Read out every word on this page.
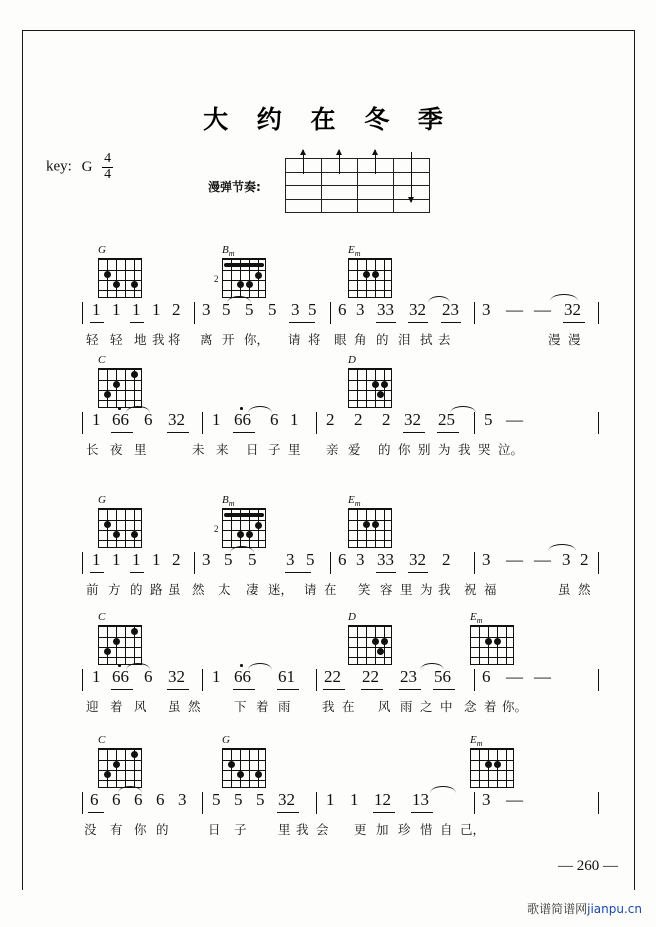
大 约 在 冬 季
key: G $\frac{4}{4}$
漫弹节奏:
G	$B_m$
2
$E_m$
1 1 1 1 2 3 5 5 5 3 5 6 3 33 32 23 3 — — 32
轻 轻 地 我 将 离 开 你， 请 将 眼 角 的 泪 拭 去	漫 漫
C	D
1 66 6 32 1 66 6 1 2 2 2 32 25 5 —
长 夜 里	未 来 日 子 里 亲 爱 的 你 别 为 我 哭 泣。
G	$B_m$
2
$E_m$
1 1 1 1 2 3 5 5 3 5 6 3 33 32 2 3 — — 3 2
前 方 的 路 虽 然 太 凄 迷， 请 在 笑 容 里 为 我 祝 福	虽 然
C	D	$E_m$
1 66 6 32 1 66 61 22 22 23 56 6 — —
迎 着 风 虽 然	下 着 雨	我 在 风 雨 之 中 念 着 你。
C	G	$E_m$
6 6 6 6 3 5 5 5 32 1 1 12 13	3 —
没 有 你 的	日 子	里 我 会 更 加 珍 惜 自 己，
— 260 —
歌谱简谱网jianpu.cn
